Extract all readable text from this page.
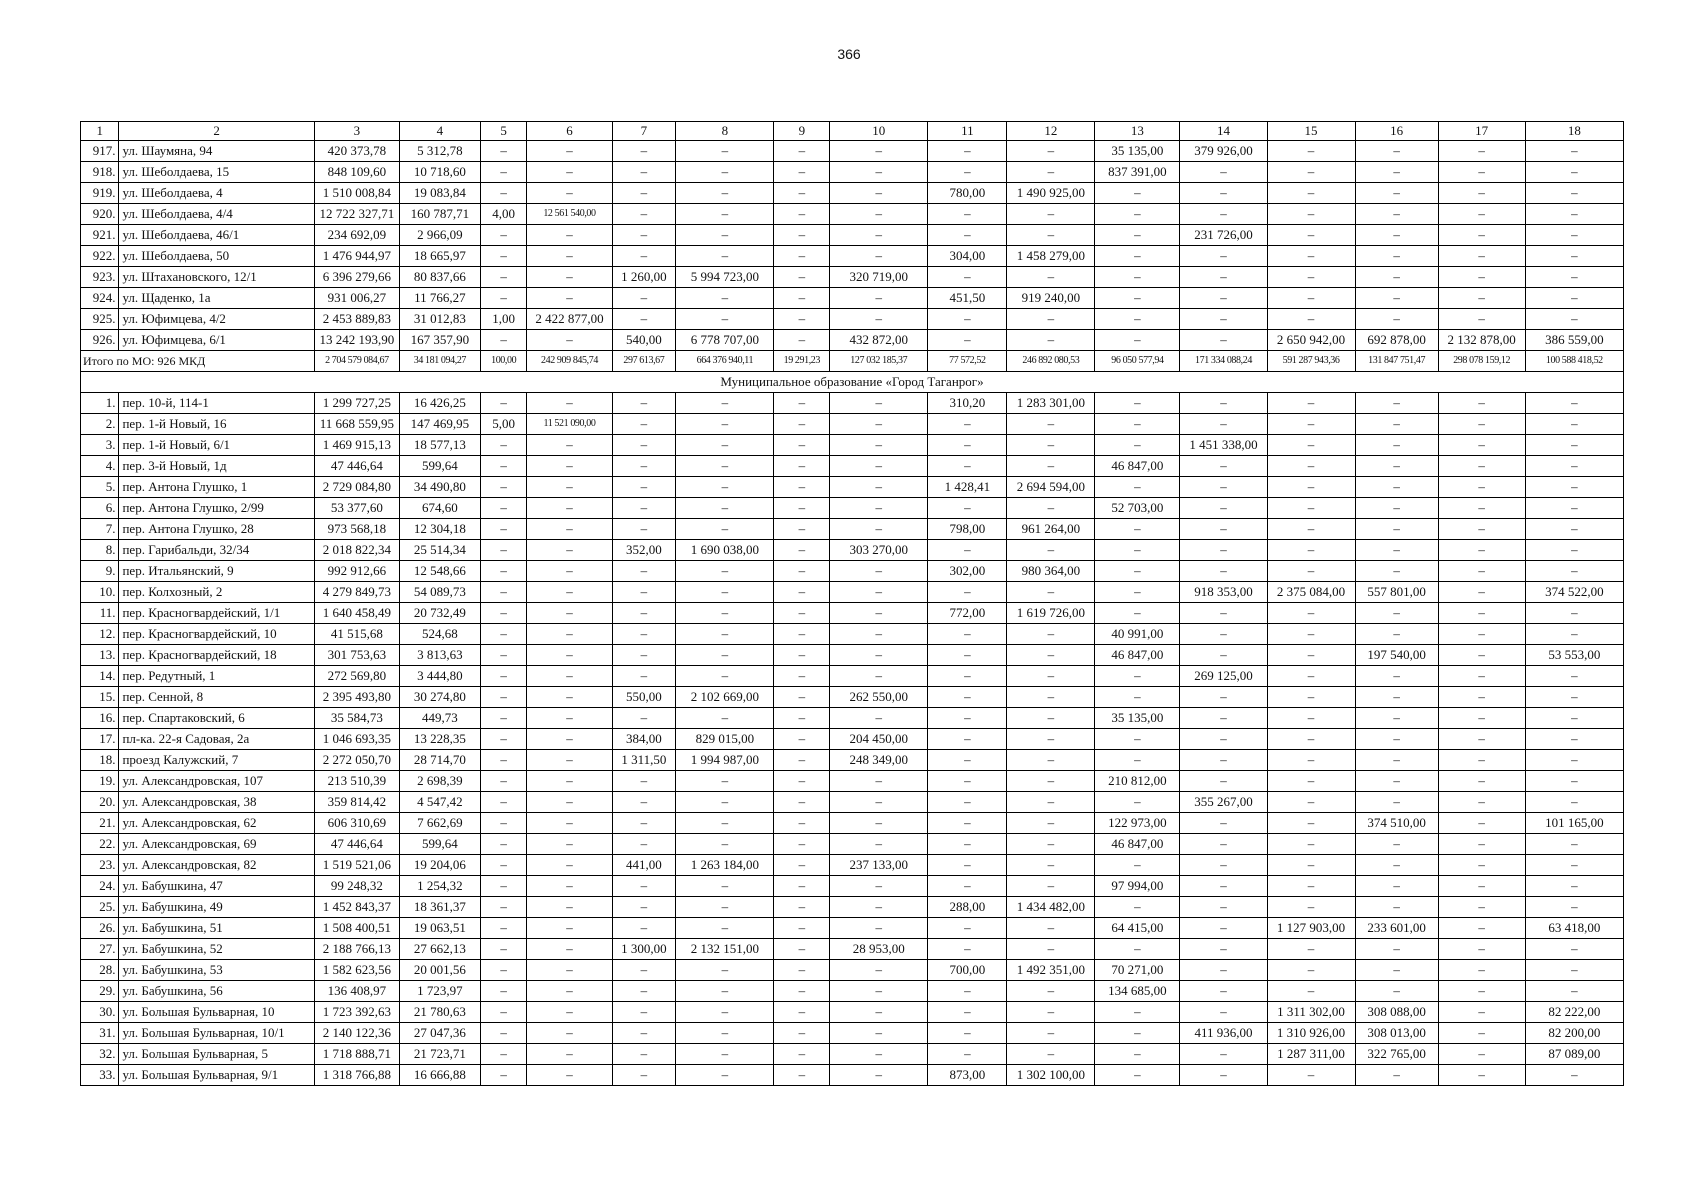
366
1	2	3	4	5	6	7	8	9	10	11	12	13	14	15	16	17	18
917.	ул. Шаумяна, 94	420 373,78	5 312,78	–	–	–	–	–	–	–	–	35 135,00	379 926,00	–	–	–	–
918.	ул. Шеболдаева, 15	848 109,60	10 718,60	–	–	–	–	–	–	–	–	837 391,00	–	–	–	–	–
919.	ул. Шеболдаева, 4	1 510 008,84	19 083,84	–	–	–	–	–	–	780,00	1 490 925,00	–	–	–	–	–	–
920.	ул. Шеболдаева, 4/4	12 722 327,71	160 787,71	4,00	12 561 540,00	–	–	–	–	–	–	–	–	–	–	–	–
921.	ул. Шеболдаева, 46/1	234 692,09	2 966,09	–	–	–	–	–	–	–	–	–	231 726,00	–	–	–	–
922.	ул. Шеболдаева, 50	1 476 944,97	18 665,97	–	–	–	–	–	–	304,00	1 458 279,00	–	–	–	–	–	–
923.	ул. Штахановского, 12/1	6 396 279,66	80 837,66	–	–	1 260,00	5 994 723,00	–	320 719,00	–	–	–	–	–	–	–	–
924.	ул. Щаденко, 1а	931 006,27	11 766,27	–	–	–	–	–	–	451,50	919 240,00	–	–	–	–	–	–
925.	ул. Юфимцева, 4/2	2 453 889,83	31 012,83	1,00	2 422 877,00	–	–	–	–	–	–	–	–	–	–	–	–
926.	ул. Юфимцева, 6/1	13 242 193,90	167 357,90	–	–	540,00	6 778 707,00	–	432 872,00	–	–	–	–	2 650 942,00	692 878,00	2 132 878,00	386 559,00
Итого по МО: 926 МКД		2 704 579 084,67	34 181 094,27	100,00	242 909 845,74	297 613,67	664 376 940,11	19 291,23	127 032 185,37	77 572,52	246 892 080,53	96 050 577,94	171 334 088,24	591 287 943,36	131 847 751,47	298 078 159,12	100 588 418,52
Муниципальное образование «Город Таганрог»																	
1.	пер. 10-й, 114-1	1 299 727,25	16 426,25	–	–	–	–	–	–	310,20	1 283 301,00	–	–	–	–	–	–
2.	пер. 1-й Новый, 16	11 668 559,95	147 469,95	5,00	11 521 090,00	–	–	–	–	–	–	–	–	–	–	–	–
3.	пер. 1-й Новый, 6/1	1 469 915,13	18 577,13	–	–	–	–	–	–	–	–	–	1 451 338,00	–	–	–	–
4.	пер. 3-й Новый, 1д	47 446,64	599,64	–	–	–	–	–	–	–	–	46 847,00	–	–	–	–	–
5.	пер. Антона Глушко, 1	2 729 084,80	34 490,80	–	–	–	–	–	–	1 428,41	2 694 594,00	–	–	–	–	–	–
6.	пер. Антона Глушко, 2/99	53 377,60	674,60	–	–	–	–	–	–	–	–	52 703,00	–	–	–	–	–
7.	пер. Антона Глушко, 28	973 568,18	12 304,18	–	–	–	–	–	–	798,00	961 264,00	–	–	–	–	–	–
8.	пер. Гарибальди, 32/34	2 018 822,34	25 514,34	–	–	352,00	1 690 038,00	–	303 270,00	–	–	–	–	–	–	–	–
9.	пер. Итальянский, 9	992 912,66	12 548,66	–	–	–	–	–	–	302,00	980 364,00	–	–	–	–	–	–
10.	пер. Колхозный, 2	4 279 849,73	54 089,73	–	–	–	–	–	–	–	–	–	918 353,00	2 375 084,00	557 801,00	–	374 522,00
11.	пер. Красногвардейский, 1/1	1 640 458,49	20 732,49	–	–	–	–	–	–	772,00	1 619 726,00	–	–	–	–	–	–
12.	пер. Красногвардейский, 10	41 515,68	524,68	–	–	–	–	–	–	–	–	40 991,00	–	–	–	–	–
13.	пер. Красногвардейский, 18	301 753,63	3 813,63	–	–	–	–	–	–	–	–	46 847,00	–	–	197 540,00	–	53 553,00
14.	пер. Редутный, 1	272 569,80	3 444,80	–	–	–	–	–	–	–	–	–	269 125,00	–	–	–	–
15.	пер. Сенной, 8	2 395 493,80	30 274,80	–	–	550,00	2 102 669,00	–	262 550,00	–	–	–	–	–	–	–	–
16.	пер. Спартаковский, 6	35 584,73	449,73	–	–	–	–	–	–	–	–	35 135,00	–	–	–	–	–
17.	пл-ка. 22-я Садовая, 2а	1 046 693,35	13 228,35	–	–	384,00	829 015,00	–	204 450,00	–	–	–	–	–	–	–	–
18.	проезд Калужский, 7	2 272 050,70	28 714,70	–	–	1 311,50	1 994 987,00	–	248 349,00	–	–	–	–	–	–	–	–
19.	ул. Александровская, 107	213 510,39	2 698,39	–	–	–	–	–	–	–	–	210 812,00	–	–	–	–	–
20.	ул. Александровская, 38	359 814,42	4 547,42	–	–	–	–	–	–	–	–	–	355 267,00	–	–	–	–
21.	ул. Александровская, 62	606 310,69	7 662,69	–	–	–	–	–	–	–	–	122 973,00	–	–	374 510,00	–	101 165,00
22.	ул. Александровская, 69	47 446,64	599,64	–	–	–	–	–	–	–	–	46 847,00	–	–	–	–	–
23.	ул. Александровская, 82	1 519 521,06	19 204,06	–	–	441,00	1 263 184,00	–	237 133,00	–	–	–	–	–	–	–	–
24.	ул. Бабушкина, 47	99 248,32	1 254,32	–	–	–	–	–	–	–	–	97 994,00	–	–	–	–	–
25.	ул. Бабушкина, 49	1 452 843,37	18 361,37	–	–	–	–	–	–	288,00	1 434 482,00	–	–	–	–	–	–
26.	ул. Бабушкина, 51	1 508 400,51	19 063,51	–	–	–	–	–	–	–	–	64 415,00	–	1 127 903,00	233 601,00	–	63 418,00
27.	ул. Бабушкина, 52	2 188 766,13	27 662,13	–	–	1 300,00	2 132 151,00	–	28 953,00	–	–	–	–	–	–	–	–
28.	ул. Бабушкина, 53	1 582 623,56	20 001,56	–	–	–	–	–	–	700,00	1 492 351,00	70 271,00	–	–	–	–	–
29.	ул. Бабушкина, 56	136 408,97	1 723,97	–	–	–	–	–	–	–	–	134 685,00	–	–	–	–	–
30.	ул. Большая Бульварная, 10	1 723 392,63	21 780,63	–	–	–	–	–	–	–	–	–	–	1 311 302,00	308 088,00	–	82 222,00
31.	ул. Большая Бульварная, 10/1	2 140 122,36	27 047,36	–	–	–	–	–	–	–	–	–	411 936,00	1 310 926,00	308 013,00	–	82 200,00
32.	ул. Большая Бульварная, 5	1 718 888,71	21 723,71	–	–	–	–	–	–	–	–	–	–	1 287 311,00	322 765,00	–	87 089,00
33.	ул. Большая Бульварная, 9/1	1 318 766,88	16 666,88	–	–	–	–	–	–	873,00	1 302 100,00	–	–	–	–	–	–
